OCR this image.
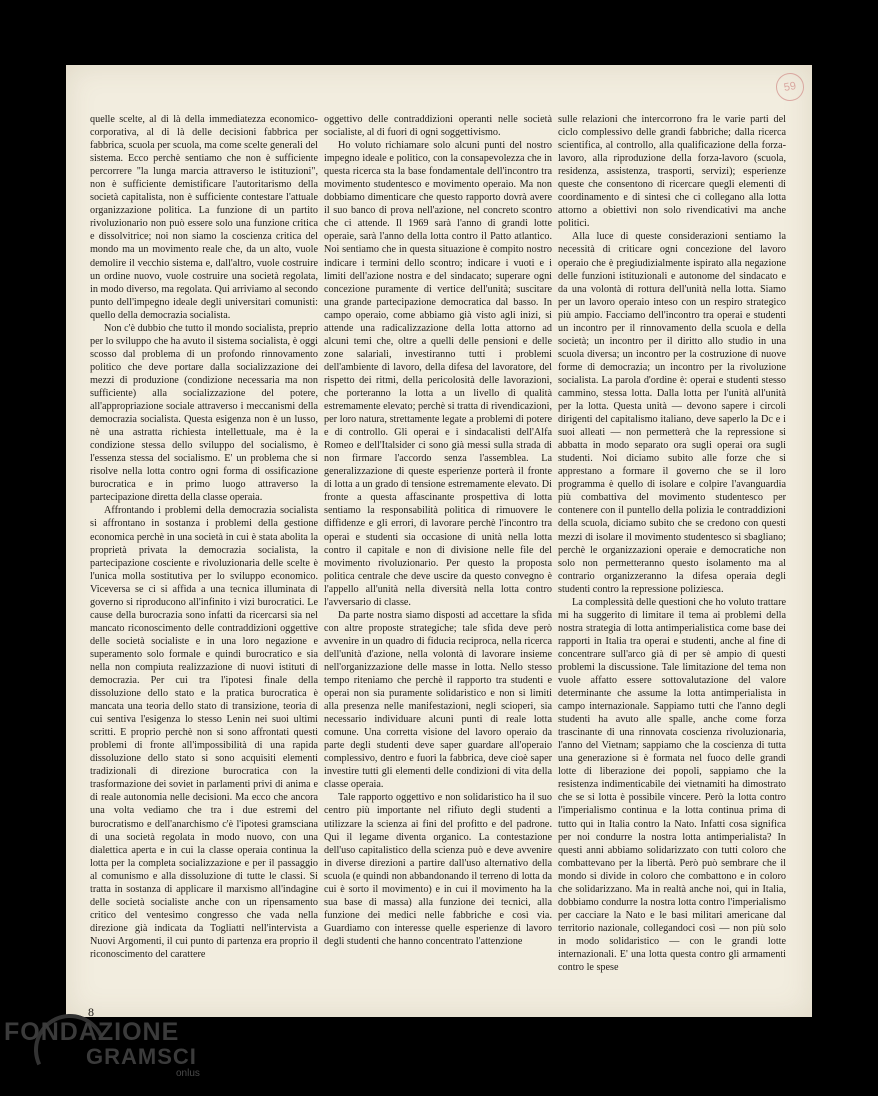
59

quelle scelte, al di là della immediatezza economico-corporativa, al di là delle decisioni fabbrica per fabbrica, scuola per scuola, ma come scelte generali del sistema. Ecco perchè sentiamo che non è sufficiente percorrere "la lunga marcia attraverso le istituzioni", non è sufficiente demistificare l'autoritarismo della società capitalista, non è sufficiente contestare l'attuale organizzazione politica. La funzione di un partito rivoluzionario non può essere solo una funzione critica e dissolvitrice; noi non siamo la coscienza critica del mondo ma un movimento reale che, da un alto, vuole demolire il vecchio sistema e, dall'altro, vuole costruire un ordine nuovo, vuole costruire una società regolata, in modo diverso, ma regolata. Qui arriviamo al secondo punto dell'impegno ideale degli universitari comunisti: quello della democrazia socialista.

Non c'è dubbio che tutto il mondo socialista, preprio per lo sviluppo che ha avuto il sistema socialista, è oggi scosso dal problema di un profondo rinnovamento politico che deve portare dalla socializzazione dei mezzi di produzione (condizione necessaria ma non sufficiente) alla socializzazione del potere, all'appropriazione sociale attraverso i meccanismi della democrazia socialista. Questa esigenza non è un lusso, nè una astratta richiesta intellettuale, ma è la condizione stessa dello sviluppo del socialismo, è l'essenza stessa del socialismo. E' un problema che si risolve nella lotta contro ogni forma di ossificazione burocratica e in primo luogo attraverso la partecipazione diretta della classe operaia.

Affrontando i problemi della democrazia socialista si affrontano in sostanza i problemi della gestione economica perchè in una società in cui è stata abolita la proprietà privata la democrazia socialista, la partecipazione cosciente e rivoluzionaria delle scelte è l'unica molla sostitutiva per lo sviluppo economico. Viceversa se ci si affida a una tecnica illuminata di governo si riproducono all'infinito i vizi burocratici. Le cause della burocrazia sono infatti da ricercarsi sia nel mancato riconoscimento delle contraddizioni oggettive delle società socialiste e in una loro negazione e superamento solo formale e quindi burocratico e sia nella non compiuta realizzazione di nuovi istituti di democrazia. Per cui tra l'ipotesi finale della dissoluzione dello stato e la pratica burocratica è mancata una teoria dello stato di transizione, teoria di cui sentiva l'esigenza lo stesso Lenin nei suoi ultimi scritti. E proprio perchè non si sono affrontati questi problemi di fronte all'impossibilità di una rapida dissoluzione dello stato si sono acquisiti elementi tradizionali di direzione burocratica con la trasformazione dei soviet in parlamenti privi di anima e di reale autonomia nelle decisioni. Ma ecco che ancora una volta vediamo che tra i due estremi del burocratismo e dell'anarchismo c'è l'ipotesi gramsciana di una società regolata in modo nuovo, con una dialettica aperta e in cui la classe operaia continua la lotta per la completa socializzazione e per il passaggio al comunismo e alla dissoluzione di tutte le classi. Si tratta in sostanza di applicare il marxismo all'indagine delle società socialiste anche con un ripensamento critico del ventesimo congresso che vada nella direzione già indicata da Togliatti nell'intervista a Nuovi Argomenti, il cui punto di partenza era proprio il riconoscimento del carattere

oggettivo delle contraddizioni operanti nelle società socialiste, al di fuori di ogni soggettivismo.

Ho voluto richiamare solo alcuni punti del nostro impegno ideale e politico, con la consapevolezza che in questa ricerca sta la base fondamentale dell'incontro tra movimento studentesco e movimento operaio. Ma non dobbiamo dimenticare che questo rapporto dovrà avere il suo banco di prova nell'azione, nel concreto scontro che ci attende. Il 1969 sarà l'anno di grandi lotte operaie, sarà l'anno della lotta contro il Patto atlantico. Noi sentiamo che in questa situazione è compito nostro indicare i termini dello scontro; indicare i vuoti e i limiti dell'azione nostra e del sindacato; superare ogni concezione puramente di vertice dell'unità; suscitare una grande partecipazione democratica dal basso. In campo operaio, come abbiamo già visto agli inizi, si attende una radicalizzazione della lotta attorno ad alcuni temi che, oltre a quelli delle pensioni e delle zone salariali, investiranno tutti i problemi dell'ambiente di lavoro, della difesa del lavoratore, del rispetto dei ritmi, della pericolosità delle lavorazioni, che porteranno la lotta a un livello di qualità estremamente elevato; perchè si tratta di rivendicazioni, per loro natura, strettamente legate a problemi di potere e di controllo. Gli operai e i sindacalisti dell'Alfa Romeo e dell'Italsider ci sono già messi sulla strada di non firmare l'accordo senza l'assemblea. La generalizzazione di queste esperienze porterà il fronte di lotta a un grado di tensione estremamente elevato. Di fronte a questa affascinante prospettiva di lotta sentiamo la responsabilità politica di rimuovere le diffidenze e gli errori, di lavorare perchè l'incontro tra operai e studenti sia occasione di unità nella lotta contro il capitale e non di divisione nelle file del movimento rivoluzionario. Per questo la proposta politica centrale che deve uscire da questo convegno è l'appello all'unità nella diversità nella lotta contro l'avversario di classe.

Da parte nostra siamo disposti ad accettare la sfida con altre proposte strategiche; tale sfida deve però avvenire in un quadro di fiducia reciproca, nella ricerca dell'unità d'azione, nella volontà di lavorare insieme nell'organizzazione delle masse in lotta. Nello stesso tempo riteniamo che perchè il rapporto tra studenti e operai non sia puramente solidaristico e non si limiti alla presenza nelle manifestazioni, negli scioperi, sia necessario individuare alcuni punti di reale lotta comune. Una corretta visione del lavoro operaio da parte degli studenti deve saper guardare all'operaio complessivo, dentro e fuori la fabbrica, deve cioè saper investire tutti gli elementi delle condizioni di vita della classe operaia.

Tale rapporto oggettivo e non solidaristico ha il suo centro più importante nel rifiuto degli studenti a utilizzare la scienza ai fini del profitto e del padrone. Qui il legame diventa organico. La contestazione dell'uso capitalistico della scienza può e deve avvenire in diverse direzioni a partire dall'uso alternativo della scuola (e quindi non abbandonando il terreno di lotta da cui è sorto il movimento) e in cui il movimento ha la sua base di massa) alla funzione dei tecnici, alla funzione dei medici nelle fabbriche e così via. Guardiamo con interesse quelle esperienze di lavoro degli studenti che hanno concentrato l'attenzione

sulle relazioni che intercorrono fra le varie parti del ciclo complessivo delle grandi fabbriche; dalla ricerca scientifica, al controllo, alla qualificazione della forza-lavoro, alla riproduzione della forza-lavoro (scuola, residenza, assistenza, trasporti, servizi); esperienze queste che consentono di ricercare quegli elementi di coordinamento e di sintesi che ci collegano alla lotta attorno a obiettivi non solo rivendicativi ma anche politici.

Alla luce di queste considerazioni sentiamo la necessità di criticare ogni concezione del lavoro operaio che è pregiudizialmente ispirato alla negazione delle funzioni istituzionali e autonome del sindacato e da una volontà di rottura dell'unità nella lotta. Siamo per un lavoro operaio inteso con un respiro strategico più ampio. Facciamo dell'incontro tra operai e studenti un incontro per il rinnovamento della scuola e della società; un incontro per il diritto allo studio in una scuola diversa; un incontro per la costruzione di nuove forme di democrazia; un incontro per la rivoluzione socialista. La parola d'ordine è: operai e studenti stesso cammino, stessa lotta. Dalla lotta per l'unità all'unità per la lotta. Questa unità — devono sapere i circoli dirigenti del capitalismo italiano, deve saperlo la Dc e i suoi alleati — non permetterà che la repressione si abbatta in modo separato ora sugli operai ora sugli studenti. Noi diciamo subito alle forze che si apprestano a formare il governo che se il loro programma è quello di isolare e colpire l'avanguardia più combattiva del movimento studentesco per contenere con il puntello della polizia le contraddizioni della scuola, diciamo subito che se credono con questi mezzi di isolare il movimento studentesco si sbagliano; perchè le organizzazioni operaie e democratiche non solo non permetteranno questo isolamento ma al contrario organizzeranno la difesa operaia degli studenti contro la repressione poliziesca.

La complessità delle questioni che ho voluto trattare mi ha suggerito di limitare il tema ai problemi della nostra strategia di lotta antimperialistica come base dei rapporti in Italia tra operai e studenti, anche al fine di concentrare sull'arco già di per sè ampio di questi problemi la discussione. Tale limitazione del tema non vuole affatto essere sottovalutazione del valore determinante che assume la lotta antimperialista in campo internazionale. Sappiamo tutti che l'anno degli studenti ha avuto alle spalle, anche come forza trascinante di una rinnovata coscienza rivoluzionaria, l'anno del Vietnam; sappiamo che la coscienza di tutta una generazione si è formata nel fuoco delle grandi lotte di liberazione dei popoli, sappiamo che la resistenza indimenticabile dei vietnamiti ha dimostrato che se si lotta è possibile vincere. Però la lotta contro l'imperialismo continua e la lotta continua prima di tutto qui in Italia contro la Nato. Infatti cosa significa per noi condurre la nostra lotta antimperialista? In questi anni abbiamo solidarizzato con tutti coloro che combattevano per la libertà. Però può sembrare che il mondo si divide in coloro che combattono e in coloro che solidarizzano. Ma in realtà anche noi, qui in Italia, dobbiamo condurre la nostra lotta contro l'imperialismo per cacciare la Nato e le basi militari americane dal territorio nazionale, collegandoci così — non più solo in modo solidaristico — con le grandi lotte internazionali. E' una lotta questa contro gli armamenti contro le spese

8
FONDAZIONE
GRAMSCI
onlus
